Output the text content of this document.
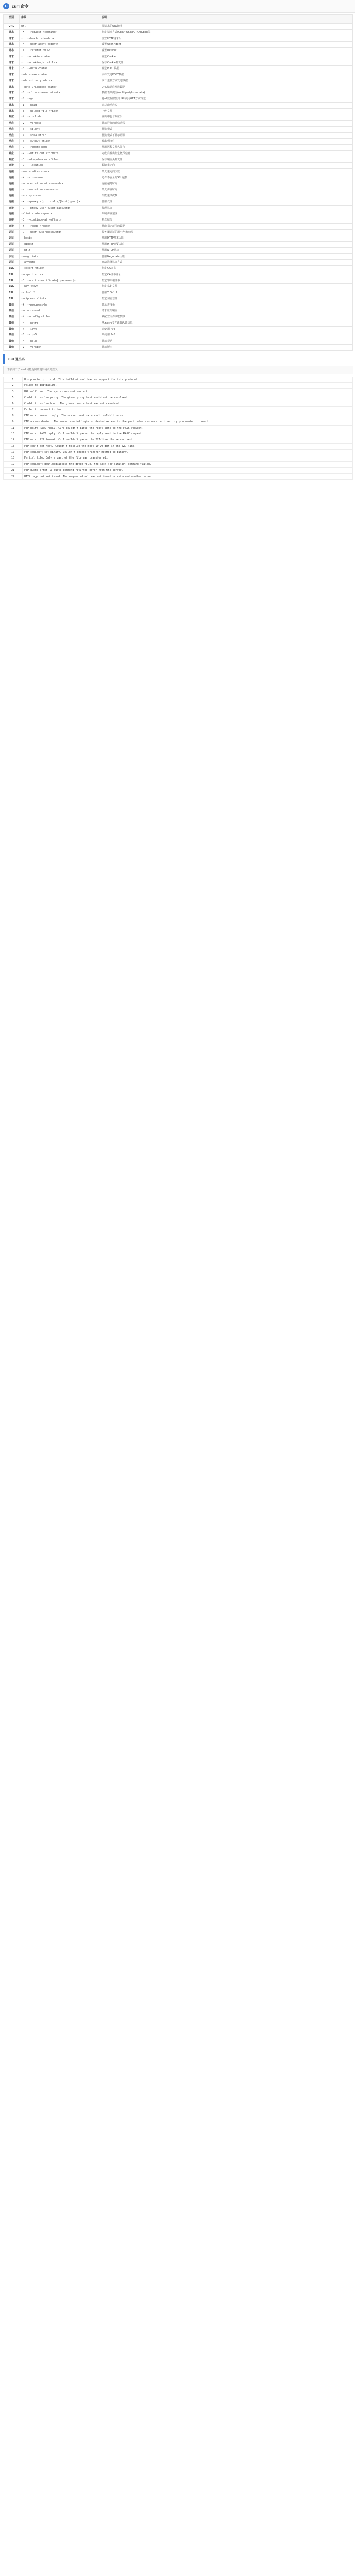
C	curl 命令
类别	参数	说明
URL	url	要请求的URL地址
请求	-X, --request <command>	指定请求方式(GET/POST/PUT/DELETE等)
请求	-H, --header <header>	设置HTTP请求头
请求	-A, --user-agent <agent>	设置User-Agent
请求	-e, --referer <URL>	设置Referer
请求	-b, --cookie <data>	发送Cookie
请求	-c, --cookie-jar <file>	保存Cookie到文件
请求	-d, --data <data>	发送POST数据
请求	--data-raw <data>	原样发送POST数据
请求	--data-binary <data>	以二进制方式发送数据
请求	--data-urlencode <data>	URL编码后发送数据
请求	-F, --form <name=content>	模拟表单提交(multipart/form-data)
请求	-G, --get	将-d数据附加到URL使用GET方式发送
请求	-I, --head	只获取响应头
请求	-T, --upload-file <file>	上传文件
响应	-i, --include	输出中包含响应头
响应	-v, --verbose	显示详细的通信过程
响应	-s, --silent	静默模式
响应	-S, --show-error	静默模式下显示错误
响应	-o, --output <file>	输出到文件
响应	-O, --remote-name	使用远程文件名保存
响应	-w, --write-out <format>	完成后输出指定格式信息
响应	-D, --dump-header <file>	保存响应头到文件
连接	-L, --location	跟随重定向
连接	--max-redirs <num>	最大重定向次数
连接	-k, --insecure	允许不安全的SSL连接
连接	--connect-timeout <seconds>	连接超时时间
连接	-m, --max-time <seconds>	最大传输时间
连接	--retry <num>	失败重试次数
连接	-x, --proxy <[protocol://]host[:port]>	使用代理
连接	-U, --proxy-user <user:password>	代理认证
连接	--limit-rate <speed>	限制传输速度
连接	-C, --continue-at <offset>	断点续传
连接	-r, --range <range>	获取指定范围的数据
认证	-u, --user <user:password>	服务器认证的用户名和密码
认证	--basic	使用HTTP基本认证
认证	--digest	使用HTTP摘要认证
认证	--ntlm	使用NTLM认证
认证	--negotiate	使用Negotiate认证
认证	--anyauth	自动选择认证方式
SSL	--cacert <file>	指定CA证书
SSL	--capath <dir>	指定CA证书目录
SSL	-E, --cert <certificate[:password]>	指定客户端证书
SSL	--key <key>	指定私钥文件
SSL	--tlsv1.2	使用TLSv1.2
SSL	--ciphers <list>	指定加密套件
其他	-#, --progress-bar	显示进度条
其他	--compressed	请求压缩响应
其他	-K, --config <file>	从配置文件读取参数
其他	-n, --netrc	从.netrc文件读取认证信息
其他	-4, --ipv4	只使用IPv4
其他	-6, --ipv6	只使用IPv6
其他	-h, --help	显示帮助
其他	-V, --version	显示版本
curl 退出码
下表列出了 curl 可能返回的退出码及其含义。
1	Unsupported protocol. This build of curl has no support for this protocol.
2	Failed to initialize.
3	URL malformed. The syntax was not correct.
5	Couldn't resolve proxy. The given proxy host could not be resolved.
6	Couldn't resolve host. The given remote host was not resolved.
7	Failed to connect to host.
8	FTP weird server reply. The server sent data curl couldn't parse.
9	FTP access denied. The server denied login or denied access to the particular resource or directory you wanted to reach.
11	FTP weird PASS reply. Curl couldn't parse the reply sent to the PASS request.
13	FTP weird PASV reply. Curl couldn't parse the reply sent to the PASV request.
14	FTP weird 227 format. Curl couldn't parse the 227-line the server sent.
15	FTP can't get host. Couldn't resolve the host IP we got in the 227-line.
17	FTP couldn't set binary. Couldn't change transfer method to binary.
18	Partial file. Only a part of the file was transferred.
19	FTP couldn't download/access the given file, the RETR (or similar) command failed.
21	FTP quote error. A quote command returned error from the server.
22	HTTP page not retrieved. The requested url was not found or returned another error.
